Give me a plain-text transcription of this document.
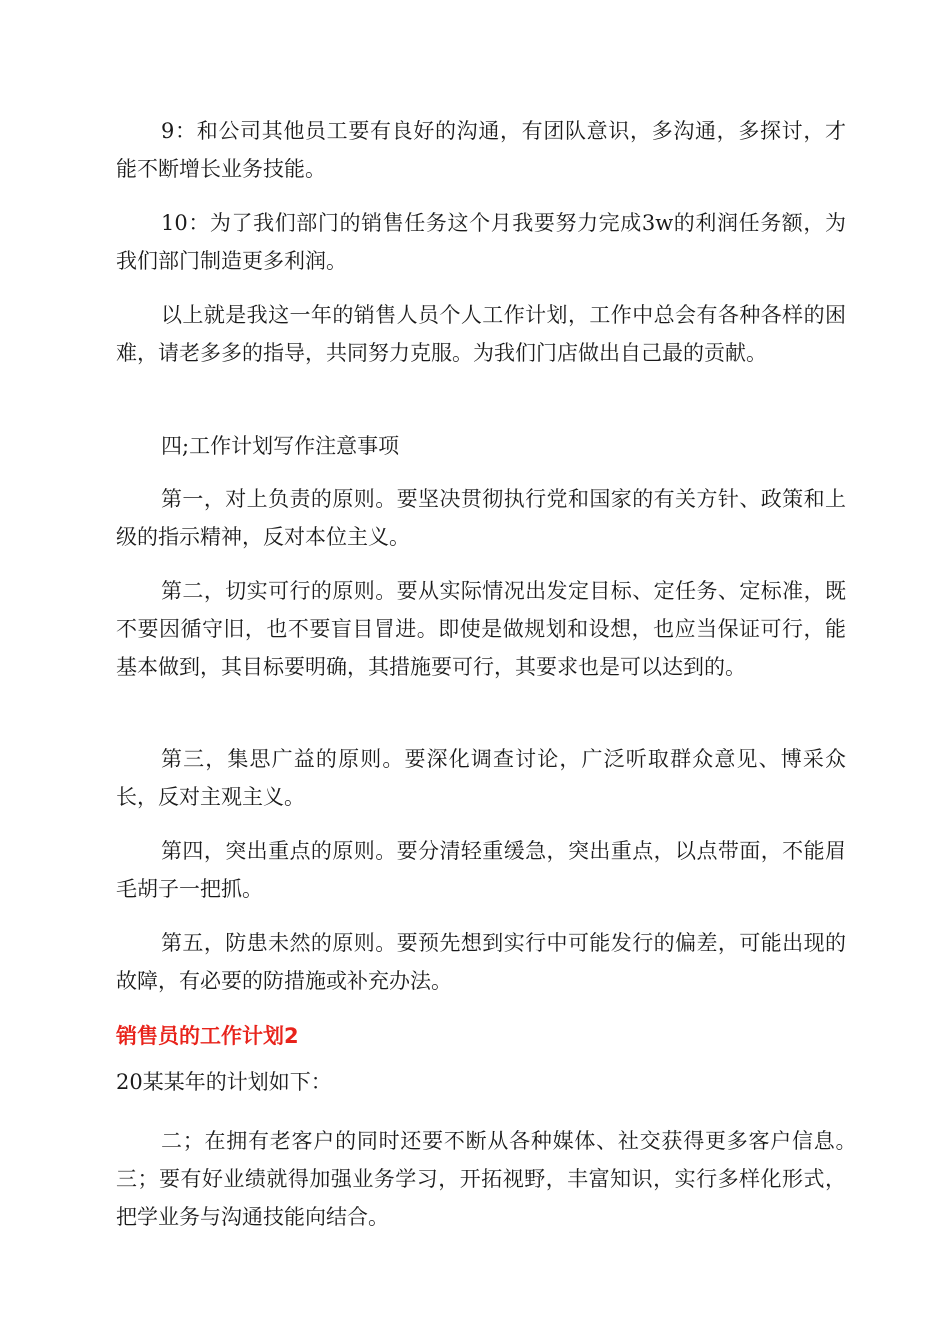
9：和公司其他员工要有良好的沟通，有团队意识，多沟通，多探讨，才能不断增长业务技能。

10：为了我们部门的销售任务这个月我要努力完成3w的利润任务额，为我们部门制造更多利润。

以上就是我这一年的销售人员个人工作计划，工作中总会有各种各样的困难，请老多多的指导，共同努力克服。为我们门店做出自己最的贡献。

四;工作计划写作注意事项

第一，对上负责的原则。要坚决贯彻执行党和国家的有关方针、政策和上级的指示精神，反对本位主义。

第二，切实可行的原则。要从实际情况出发定目标、定任务、定标准，既不要因循守旧，也不要盲目冒进。即使是做规划和设想，也应当保证可行，能基本做到，其目标要明确，其措施要可行，其要求也是可以达到的。

第三，集思广益的原则。要深化调查讨论，广泛听取群众意见、博采众长，反对主观主义。

第四，突出重点的原则。要分清轻重缓急，突出重点，以点带面，不能眉毛胡子一把抓。

第五，防患未然的原则。要预先想到实行中可能发行的偏差，可能出现的故障，有必要的防措施或补充办法。

销售员的工作计划2

20某某年的计划如下：

二；在拥有老客户的同时还要不断从各种媒体、社交获得更多客户信息。　三；要有好业绩就得加强业务学习，开拓视野，丰富知识，实行多样化形式，把学业务与沟通技能向结合。
